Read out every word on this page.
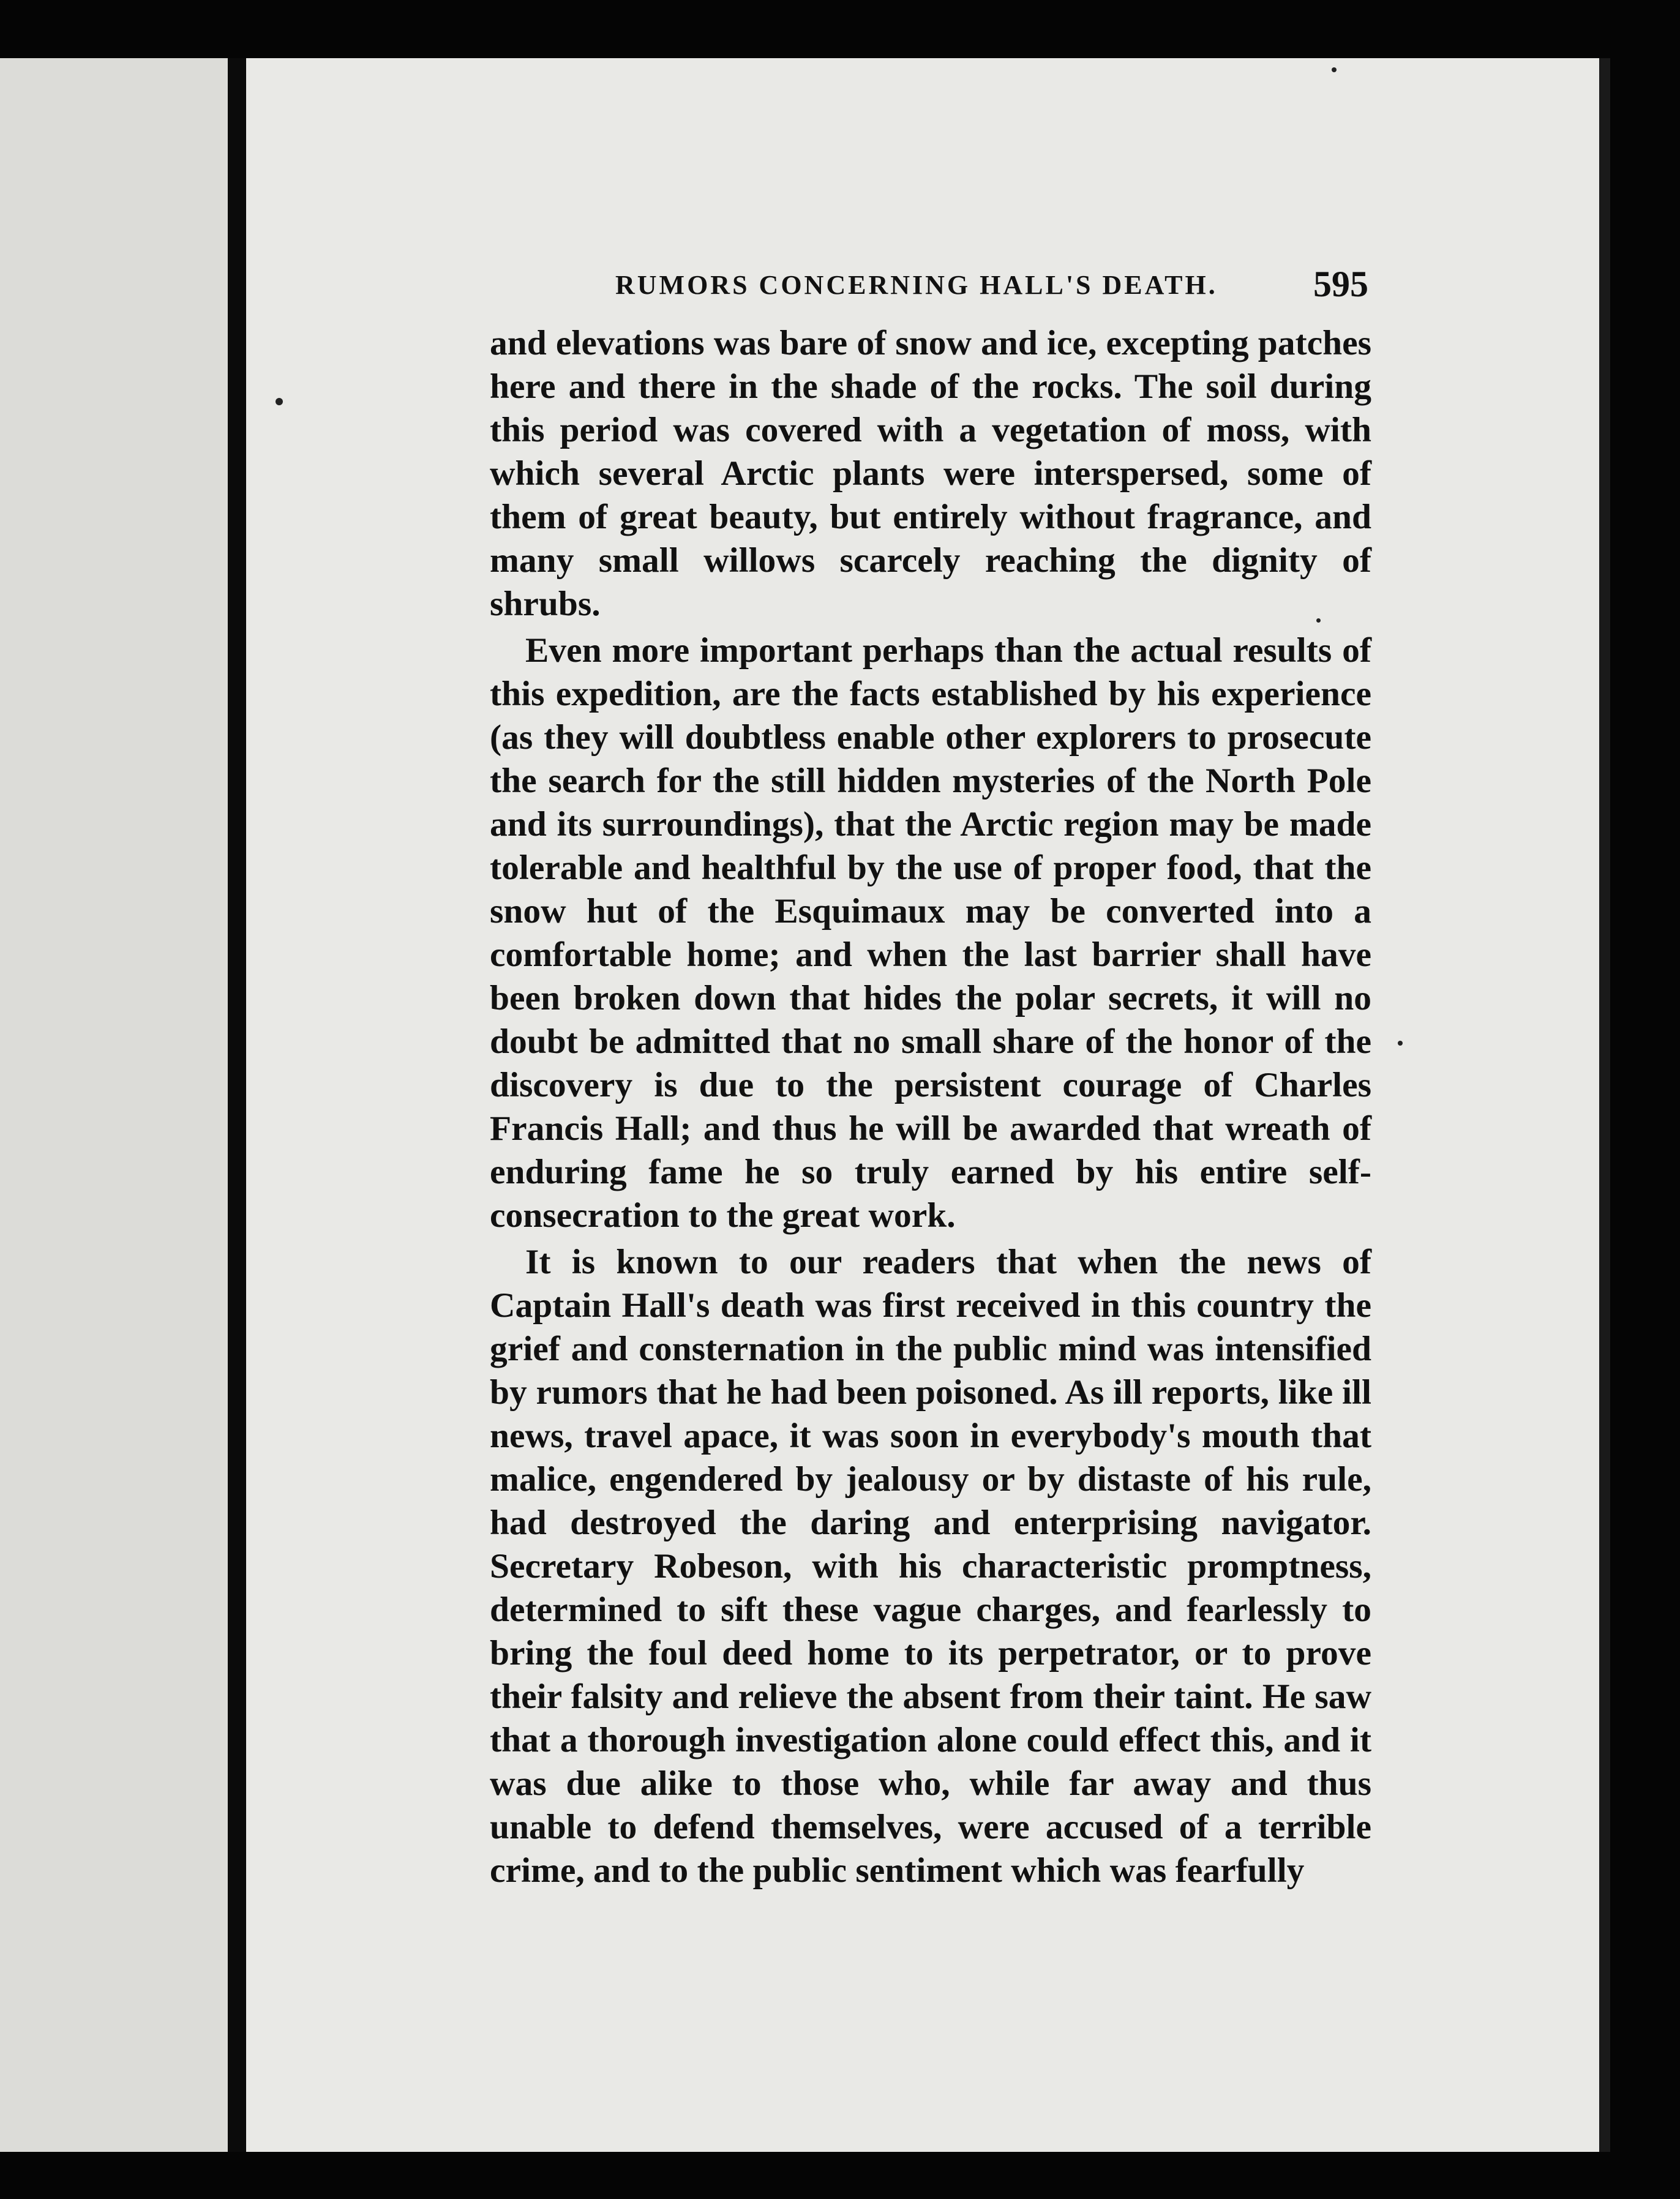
RUMORS CONCERNING HALL'S DEATH.	595

and elevations was bare of snow and ice, excepting patches here and there in the shade of the rocks. The soil during this period was covered with a vegetation of moss, with which several Arctic plants were interspersed, some of them of great beauty, but entirely without fragrance, and many small willows scarcely reaching the dignity of shrubs.

Even more important perhaps than the actual results of this expedition, are the facts established by his experience (as they will doubtless enable other explorers to prosecute the search for the still hidden mysteries of the North Pole and its surroundings), that the Arctic region may be made tolerable and healthful by the use of proper food, that the snow hut of the Esquimaux may be converted into a comfortable home; and when the last barrier shall have been broken down that hides the polar secrets, it will no doubt be admitted that no small share of the honor of the discovery is due to the persistent courage of Charles Francis Hall; and thus he will be awarded that wreath of enduring fame he so truly earned by his entire self-consecration to the great work.

It is known to our readers that when the news of Captain Hall's death was first received in this country the grief and consternation in the public mind was intensified by rumors that he had been poisoned. As ill reports, like ill news, travel apace, it was soon in everybody's mouth that malice, engendered by jealousy or by distaste of his rule, had destroyed the daring and enterprising navigator. Secretary Robeson, with his characteristic promptness, determined to sift these vague charges, and fearlessly to bring the foul deed home to its perpetrator, or to prove their falsity and relieve the absent from their taint. He saw that a thorough investigation alone could effect this, and it was due alike to those who, while far away and thus unable to defend themselves, were accused of a terrible crime, and to the public sentiment which was fearfully
